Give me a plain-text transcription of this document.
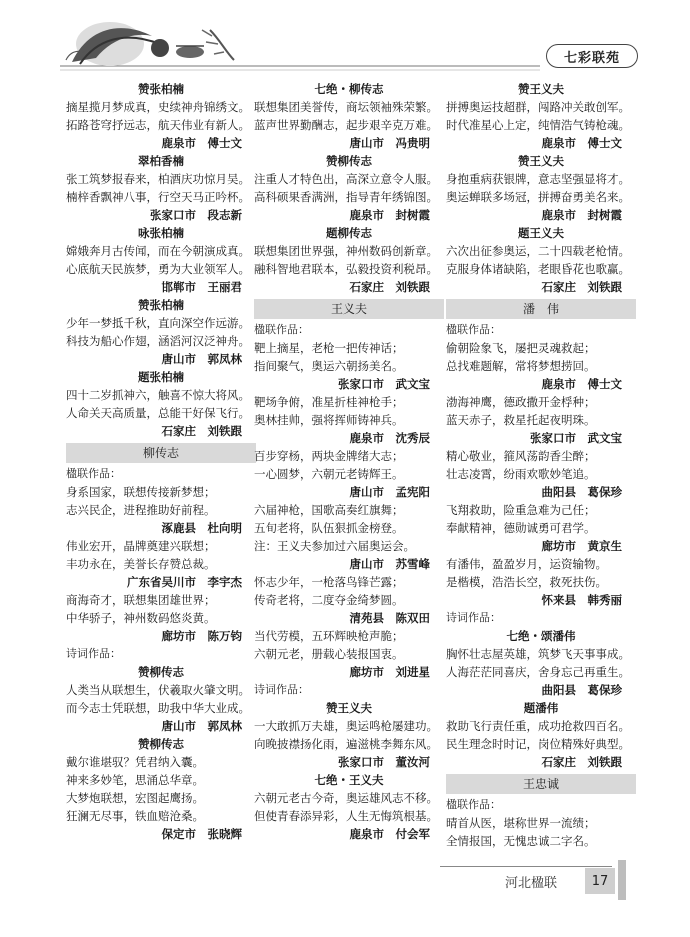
七彩联苑
赞张柏楠
摘星揽月梦成真，史续神舟锦绣文。
拓路苍穹抒远志，航天伟业有新人。
鹿泉市　傅士文
翠柏香楠
张工筑梦报春来，柏酒庆功惊月吴。
楠梓香飘神八事，行空天马正吟杯。
张家口市　段志新
咏张柏楠
嫦娥奔月古传闻，而在今朝演成真。
心底航天民族梦，勇为大业领军人。
邯郸市　王丽君
赞张柏楠
少年一梦抵千秋，直向深空作远游。
科技为船心作翅，涵滔河汉泛神舟。
唐山市　郭凤林
题张柏楠
四十二岁抓神六，触喜不惊大将风。
人命关天高质量，总能干好保飞行。
石家庄　刘铁跟
柳传志
楹联作品：
身系国家，联想传接新梦想；
志兴民企，进程推助好前程。
涿鹿县　杜向明
伟业宏开，晶牌奠建兴联想；
丰功永在，美誉长存赞总裁。
广东省吴川市　李宇杰
商海奇才，联想集团雄世界；
中华骄子，神州数码悠炎黄。
廊坊市　陈万钧
诗词作品：
赞柳传志
人类当从联想生，伏羲取火肇文明。
而今志士凭联想，助我中华大业成。
唐山市　郭凤林
赞柳传志
戴尔谁堪驭？凭君纳入囊。
神来多妙笔，思涌总华章。
大梦炮联想，宏图起鹰扬。
狂澜无尽事，铁血赔沧桑。
保定市　张晓辉
七绝・柳传志
联想集团美誉传，商坛领袖殊荣繁。
蓝声世界勤酬志，起步艰辛克万难。
唐山市　冯贵明
赞柳传志
注重人才特色出，高深立意令人服。
高科硕果香满洲，指导青年绣锦图。
鹿泉市　封树霞
题柳传志
联想集团世界强，神州数码创新章。
融科智地君联本，弘毅投资利税昂。
石家庄　刘铁跟
王义夫
楹联作品：
靶上摘星，老枪一把传神话；
指间聚气，奥运六朝扬美名。
张家口市　武文宝
靶场争俯，准星折桂神枪手；
奥林挂帅，强将挥师铸神兵。
鹿泉市　沈秀辰
百步穿杨，两块金牌绪大志；
一心圆梦，六朝元老铸辉王。
唐山市　孟宪阳
六届神枪，国歌高奏红旗舞；
五旬老将，队伍狠抓金榜登。
注：王义夫参加过六届奥运会。
唐山市　苏雪峰
怀志少年，一枪落鸟锋芒露；
传奇老将，二度夺金绮梦圆。
清苑县　陈双田
当代劳模，五环辉映枪声脆；
六朝元老，册载心装报国衷。
廊坊市　刘进星
诗词作品：
赞王义夫
一大敢抓万夫雄，奥运鸣枪屡建功。
向晚披襟扬化雨，遍滋桃李舞东风。
张家口市　董汝河
七绝・王义夫
六朝元老古今奇，奥运雄风志不移。
但使青春添异彩，人生无悔筑根基。
鹿泉市　付会军
赞王义夫
拼搏奥运技超群，闯路冲关敢创军。
时代准星心上定，纯情浩气铸枪魂。
鹿泉市　傅士文
赞王义夫
身抱重病获银牌，意志坚强显将才。
奥运蝉联多场冠，拼搏奋勇美名来。
鹿泉市　封树霞
题王义夫
六次出征参奥运，二十四载老枪情。
克服身体诸缺陷，老眼昏花也歌赢。
石家庄　刘铁跟
潘　伟
楹联作品：
偷朝险象飞，屡把灵魂救起；
总找难题解，常将梦想捞回。
鹿泉市　傅士文
渤海神鹰，德政撒开金桴种；
蓝天赤子，救星托起夜明珠。
张家口市　武文宝
精心敬业，箍风荡韵香尘醉；
壮志凌霄，纷雨欢歌妙笔追。
曲阳县　葛保珍
飞翔救助，险重急难为己任；
奉献精神，德勋诚勇可君学。
廊坊市　黄京生
有潘伟，盈盈岁月，运资输物。
是楷模，浩浩长空，救死扶伤。
怀来县　韩秀丽
诗词作品：
七绝・颂潘伟
胸怀壮志屋英雄，筑梦飞天事事成。
人海茫茫同喜庆，舍身忘己再重生。
曲阳县　葛保珍
题潘伟
救助飞行责任重，成功抢救四百名。
民生理念时时记，岗位精殊好典型。
石家庄　刘铁跟
王忠诚
楹联作品：
晴首从医，堪称世界一流绩；
全情报国，无愧忠诚二字名。
河北楹联	17
